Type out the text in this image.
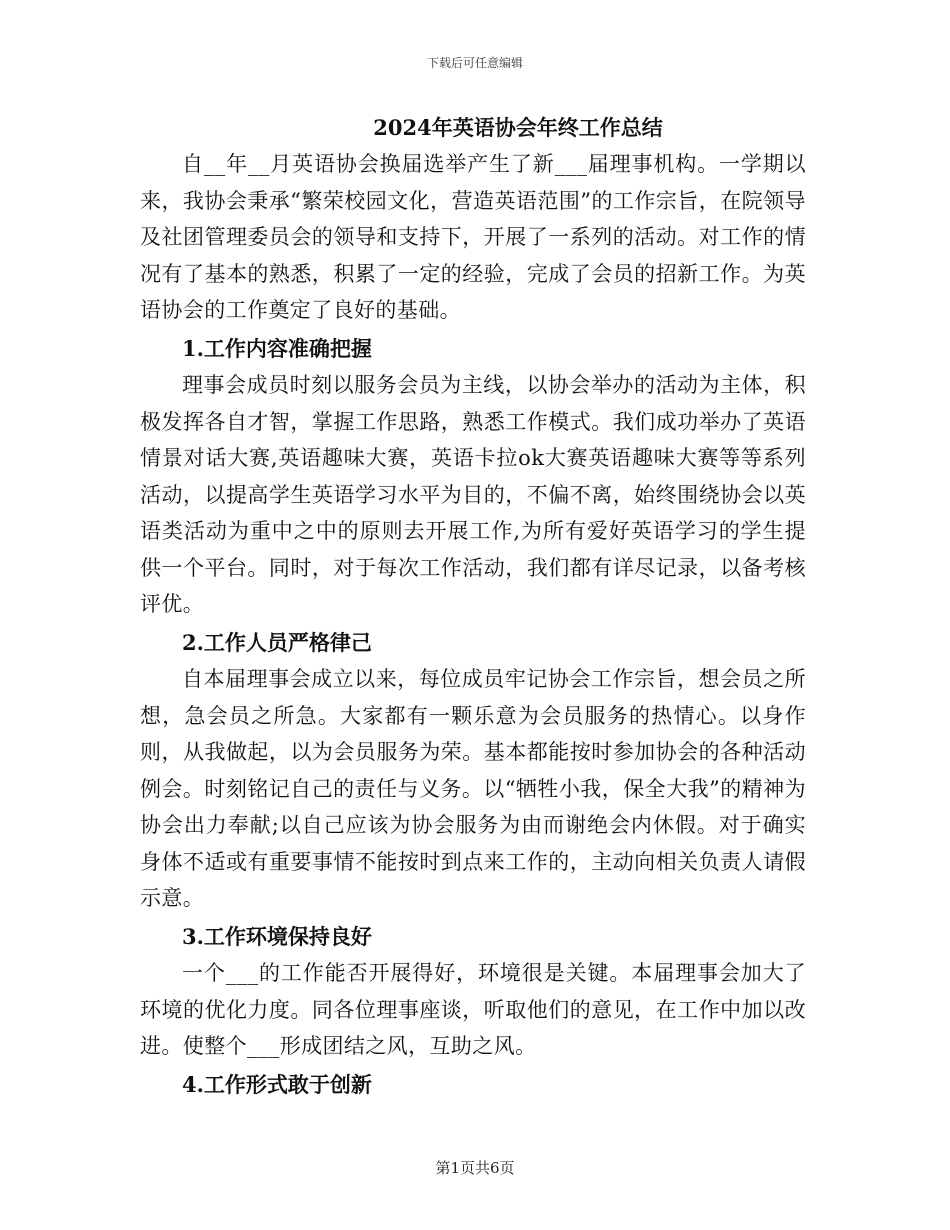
下载后可任意编辑
2024年英语协会年终工作总结

自__年__月英语协会换届选举产生了新___届理事机构。一学期以来，我协会秉承“繁荣校园文化，营造英语范围”的工作宗旨，在院领导及社团管理委员会的领导和支持下，开展了一系列的活动。对工作的情况有了基本的熟悉，积累了一定的经验，完成了会员的招新工作。为英语协会的工作奠定了良好的基础。

1.工作内容准确把握

理事会成员时刻以服务会员为主线，以协会举办的活动为主体，积极发挥各自才智，掌握工作思路，熟悉工作模式。我们成功举办了英语情景对话大赛,英语趣味大赛，英语卡拉ok大赛英语趣味大赛等等系列活动，以提高学生英语学习水平为目的，不偏不离，始终围绕协会以英语类活动为重中之中的原则去开展工作,为所有爱好英语学习的学生提供一个平台。同时，对于每次工作活动，我们都有详尽记录，以备考核评优。

2.工作人员严格律己

自本届理事会成立以来，每位成员牢记协会工作宗旨，想会员之所想，急会员之所急。大家都有一颗乐意为会员服务的热情心。以身作则，从我做起，以为会员服务为荣。基本都能按时参加协会的各种活动例会。时刻铭记自己的责任与义务。以“牺牲小我，保全大我”的精神为协会出力奉献;以自己应该为协会服务为由而谢绝会内休假。对于确实身体不适或有重要事情不能按时到点来工作的，主动向相关负责人请假示意。

3.工作环境保持良好

一个___的工作能否开展得好，环境很是关键。本届理事会加大了环境的优化力度。同各位理事座谈，听取他们的意见，在工作中加以改进。使整个___形成团结之风，互助之风。

4.工作形式敢于创新
第1页共6页
